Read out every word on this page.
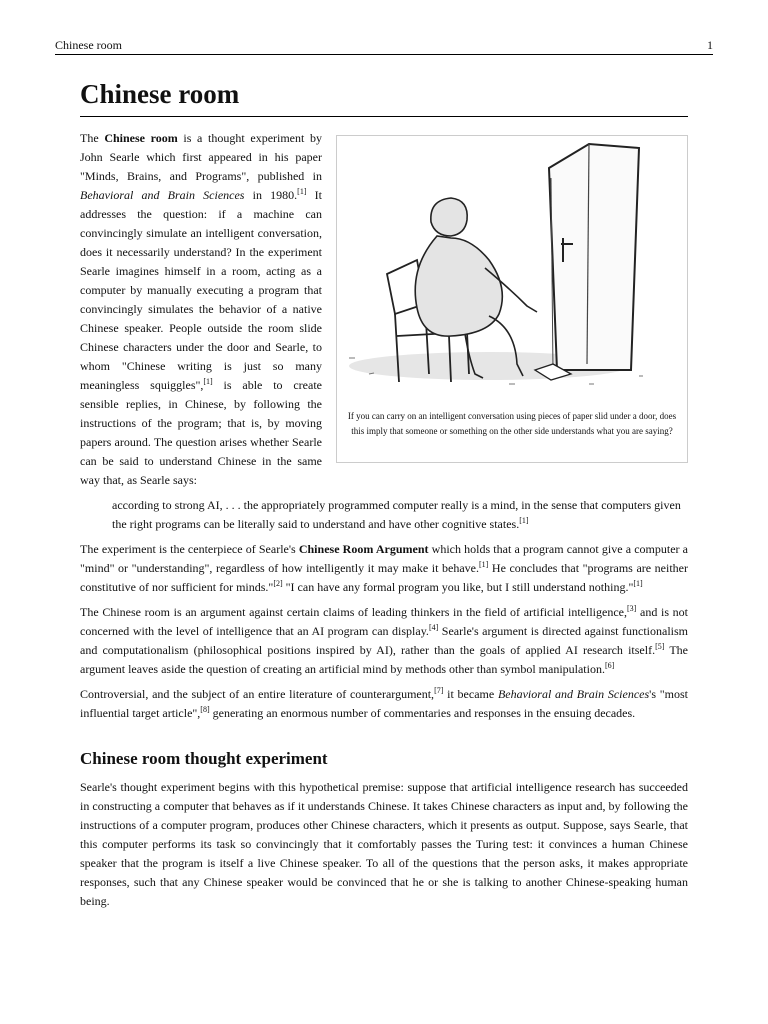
Chinese room	1
Chinese room
If you can carry on an intelligent conversation using pieces of paper slid under a door, does this imply that someone or something on the other side understands what you are saying?

The Chinese room is a thought experiment by John Searle which first appeared in his paper "Minds, Brains, and Programs", published in Behavioral and Brain Sciences in 1980.[1] It addresses the question: if a machine can convincingly simulate an intelligent conversation, does it necessarily understand? In the experiment Searle imagines himself in a room, acting as a computer by manually executing a program that convincingly simulates the behavior of a native Chinese speaker. People outside the room slide Chinese characters under the door and Searle, to whom "Chinese writing is just so many meaningless squiggles",[1] is able to create sensible replies, in Chinese, by following the instructions of the program; that is, by moving papers around. The question arises whether Searle can be said to understand Chinese in the same way that, as Searle says:

according to strong AI, . . . the appropriately programmed computer really is a mind, in the sense that computers given the right programs can be literally said to understand and have other cognitive states.[1]

The experiment is the centerpiece of Searle's Chinese Room Argument which holds that a program cannot give a computer a "mind" or "understanding", regardless of how intelligently it may make it behave.[1] He concludes that "programs are neither constitutive of nor sufficient for minds."[2] "I can have any formal program you like, but I still understand nothing."[1]

The Chinese room is an argument against certain claims of leading thinkers in the field of artificial intelligence,[3] and is not concerned with the level of intelligence that an AI program can display.[4] Searle's argument is directed against functionalism and computationalism (philosophical positions inspired by AI), rather than the goals of applied AI research itself.[5] The argument leaves aside the question of creating an artificial mind by methods other than symbol manipulation.[6]

Controversial, and the subject of an entire literature of counterargument,[7] it became Behavioral and Brain Sciences's "most influential target article",[8] generating an enormous number of commentaries and responses in the ensuing decades.

Chinese room thought experiment

Searle's thought experiment begins with this hypothetical premise: suppose that artificial intelligence research has succeeded in constructing a computer that behaves as if it understands Chinese. It takes Chinese characters as input and, by following the instructions of a computer program, produces other Chinese characters, which it presents as output. Suppose, says Searle, that this computer performs its task so convincingly that it comfortably passes the Turing test: it convinces a human Chinese speaker that the program is itself a live Chinese speaker. To all of the questions that the person asks, it makes appropriate responses, such that any Chinese speaker would be convinced that he or she is talking to another Chinese-speaking human being.
